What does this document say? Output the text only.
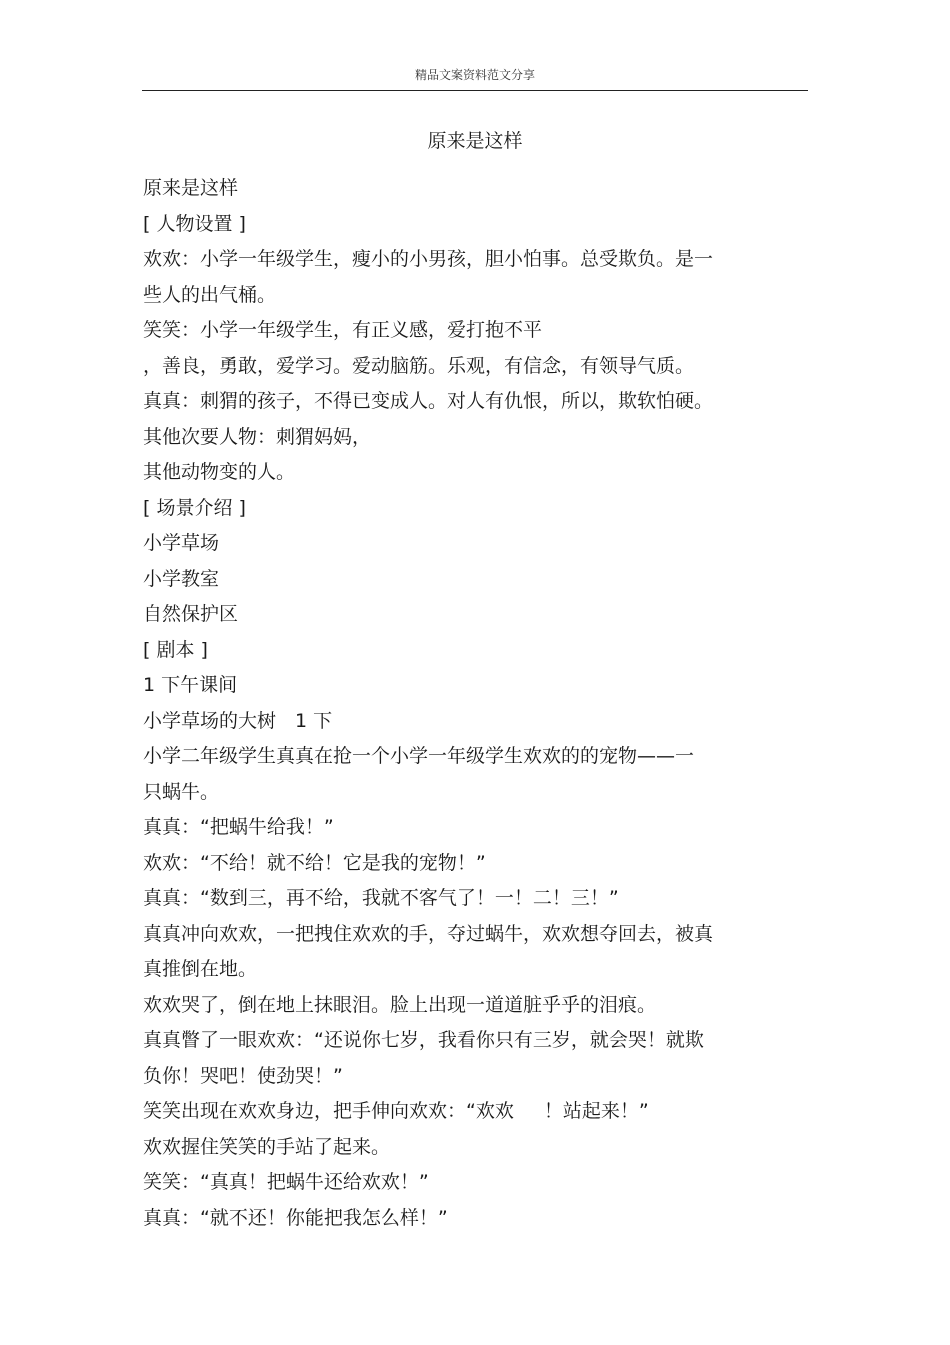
精品文案资料范文分享
原来是这样
原来是这样
[ 人物设置 ]
欢欢：小学一年级学生，瘦小的小男孩，胆小怕事。总受欺负。是一
些人的出气桶。
笑笑：小学一年级学生，有正义感，爱打抱不平
，善良，勇敢，爱学习。爱动脑筋。乐观，有信念，有领导气质。
真真：刺猬的孩子，不得已变成人。对人有仇恨，所以，欺软怕硬。
其他次要人物：刺猬妈妈，
其他动物变的人。
[ 场景介绍 ]
小学草场
小学教室
自然保护区
[ 剧本 ]
1 下午课间
小学草场的大树　1 下
小学二年级学生真真在抢一个小学一年级学生欢欢的的宠物——一
只蜗牛。
真真：“把蜗牛给我！”
欢欢：“不给！就不给！它是我的宠物！”
真真：“数到三，再不给，我就不客气了！一！二！三！”
真真冲向欢欢，一把拽住欢欢的手，夺过蜗牛，欢欢想夺回去，被真
真推倒在地。
欢欢哭了，倒在地上抹眼泪。脸上出现一道道脏乎乎的泪痕。
真真瞥了一眼欢欢：“还说你七岁，我看你只有三岁，就会哭！就欺
负你！哭吧！使劲哭！”
笑笑出现在欢欢身边，把手伸向欢欢：“欢欢 ！站起来！”
欢欢握住笑笑的手站了起来。
笑笑：“真真！把蜗牛还给欢欢！”
真真：“就不还！你能把我怎么样！”
